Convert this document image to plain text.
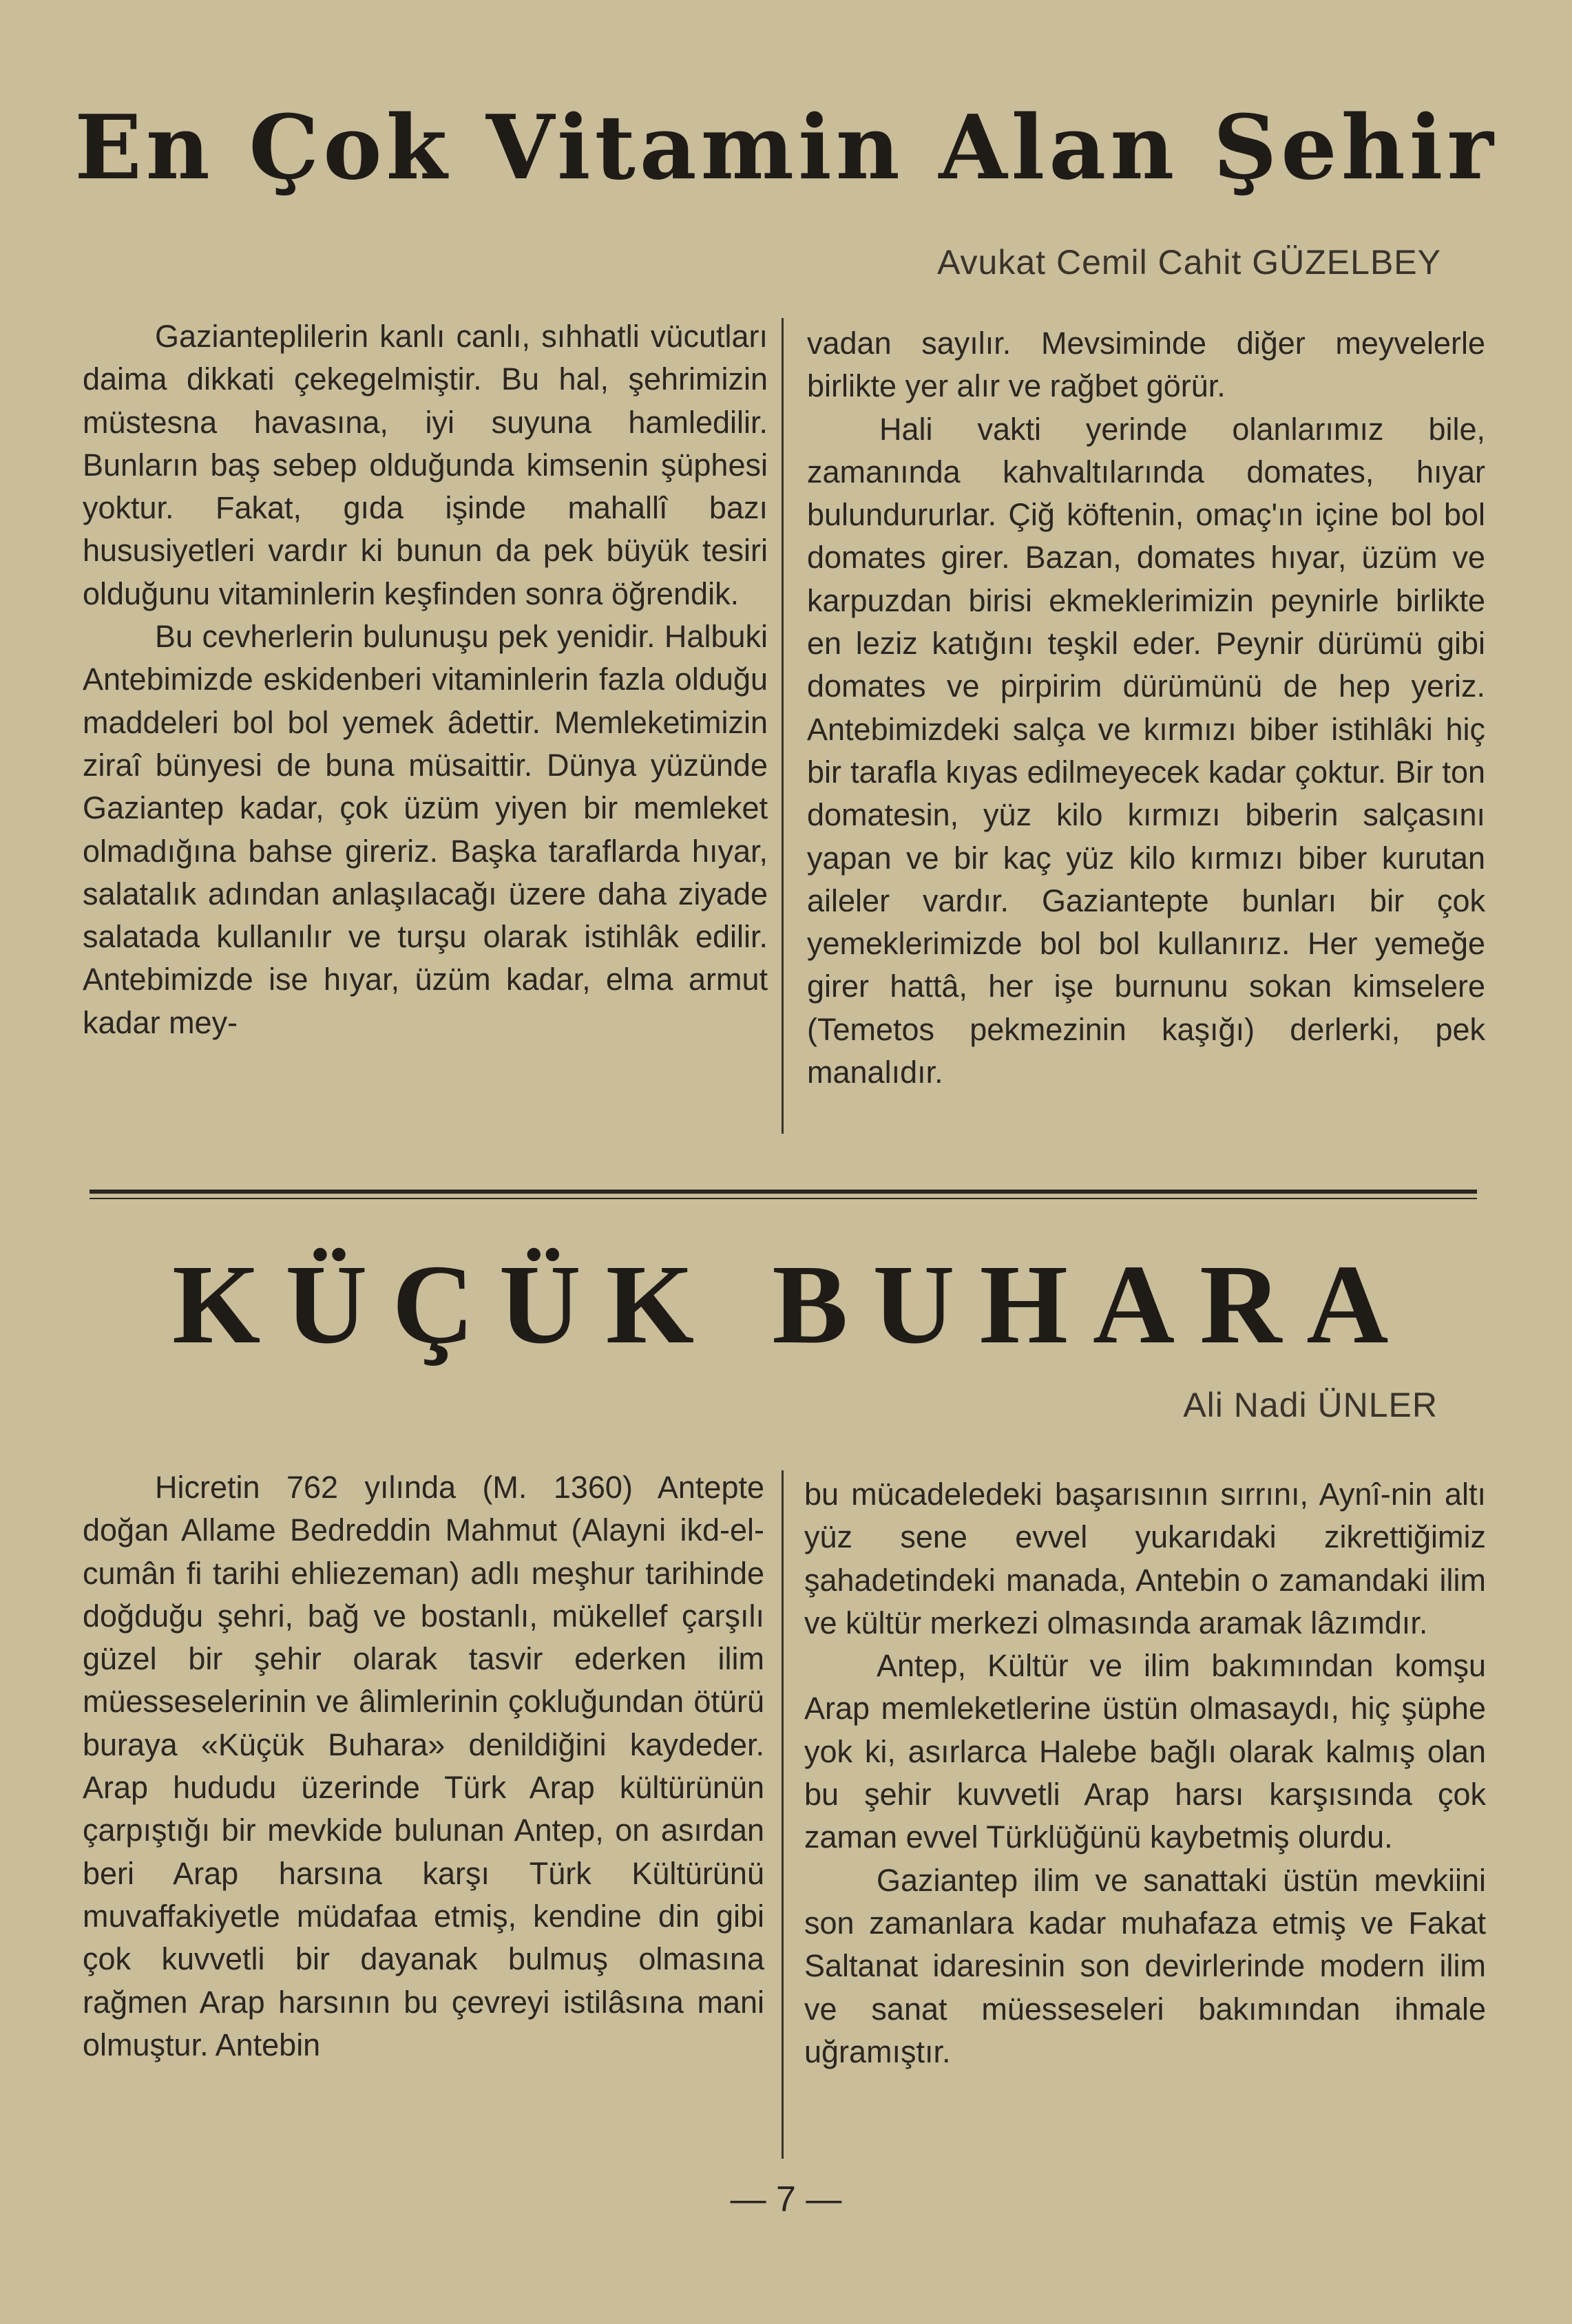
En Çok Vitamin Alan Şehir
Avukat Cemil Cahit GÜZELBEY

Gazianteplilerin kanlı canlı, sıhhatli vücutları daima dikkati çekegelmiştir. Bu hal, şehrimizin müstesna havasına, iyi suyuna hamledilir. Bunların baş sebep olduğunda kimsenin şüphesi yoktur. Fakat, gıda işinde mahallî bazı hususiyetleri vardır ki bunun da pek büyük tesiri olduğunu vitaminlerin keşfinden sonra öğrendik.

Bu cevherlerin bulunuşu pek yenidir. Halbuki Antebimizde eskidenberi vitaminlerin fazla olduğu maddeleri bol bol yemek âdettir. Memleketimizin ziraî bünyesi de buna müsaittir. Dünya yüzünde Gaziantep kadar, çok üzüm yiyen bir memleket olmadığına bahse gireriz. Başka taraflarda hıyar, salatalık adından anlaşılacağı üzere daha ziyade salatada kullanılır ve turşu olarak istihlâk edilir. Antebimizde ise hıyar, üzüm kadar, elma armut kadar mey-

vadan sayılır. Mevsiminde diğer meyvelerle birlikte yer alır ve rağbet görür.

Hali vakti yerinde olanlarımız bile, zamanında kahvaltılarında domates, hıyar bulundururlar. Çiğ köftenin, omaç'ın içine bol bol domates girer. Bazan, domates hıyar, üzüm ve karpuzdan birisi ekmeklerimizin peynirle birlikte en leziz katığını teşkil eder. Peynir dürümü gibi domates ve pirpirim dürümünü de hep yeriz. Antebimizdeki salça ve kırmızı biber istihlâki hiç bir tarafla kıyas edilmeyecek kadar çoktur. Bir ton domatesin, yüz kilo kırmızı biberin salçasını yapan ve bir kaç yüz kilo kırmızı biber kurutan aileler vardır. Gaziantepte bunları bir çok yemeklerimizde bol bol kullanırız. Her yemeğe girer hattâ, her işe burnunu sokan kimselere (Temetos pekmezinin kaşığı) derlerki, pek manalıdır.

KÜÇÜK BUHARA
Ali Nadi ÜNLER

Hicretin 762 yılında (M. 1360) Antepte doğan Allame Bedreddin Mahmut (Alayni ikd-el-cumân fi tarihi ehliezeman) adlı meşhur tarihinde doğduğu şehri, bağ ve bostanlı, mükellef çarşılı güzel bir şehir olarak tasvir ederken ilim müesseselerinin ve âlimlerinin çokluğundan ötürü buraya «Küçük Buhara» denildiğini kaydeder. Arap hududu üzerinde Türk Arap kültürünün çarpıştığı bir mevkide bulunan Antep, on asırdan beri Arap harsına karşı Türk Kültürünü muvaffakiyetle müdafaa etmiş, kendine din gibi çok kuvvetli bir dayanak bulmuş olmasına rağmen Arap harsının bu çevreyi istilâsına mani olmuştur. Antebin

bu mücadeledeki başarısının sırrını, Aynî-nin altı yüz sene evvel yukarıdaki zikrettiğimiz şahadetindeki manada, Antebin o zamandaki ilim ve kültür merkezi olmasında aramak lâzımdır.

Antep, Kültür ve ilim bakımından komşu Arap memleketlerine üstün olmasaydı, hiç şüphe yok ki, asırlarca Halebe bağlı olarak kalmış olan bu şehir kuvvetli Arap harsı karşısında çok zaman evvel Türklüğünü kaybetmiş olurdu.

Gaziantep ilim ve sanattaki üstün mevkiini son zamanlara kadar muhafaza etmiş ve Fakat Saltanat idaresinin son devirlerinde modern ilim ve sanat müesseseleri bakımından ihmale uğramıştır.

— 7 —
